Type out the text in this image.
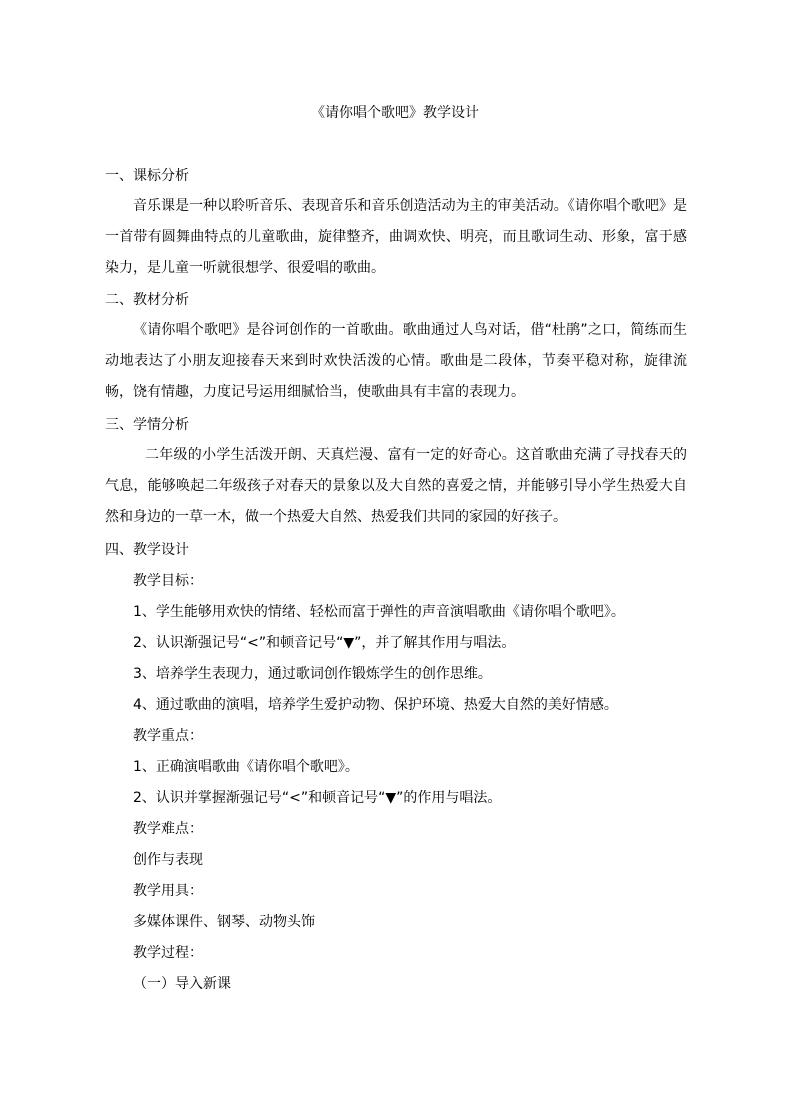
《请你唱个歌吧》教学设计
一、课标分析
音乐课是一种以聆听音乐、表现音乐和音乐创造活动为主的审美活动。《请你唱个歌吧》是一首带有圆舞曲特点的儿童歌曲，旋律整齐，曲调欢快、明亮，而且歌词生动、形象，富于感染力，是儿童一听就很想学、很爱唱的歌曲。
二、教材分析
《请你唱个歌吧》是谷诃创作的一首歌曲。歌曲通过人鸟对话，借“杜鹃”之口，简练而生动地表达了小朋友迎接春天来到时欢快活泼的心情。歌曲是二段体，节奏平稳对称，旋律流畅，饶有情趣，力度记号运用细腻恰当，使歌曲具有丰富的表现力。
三、学情分析
二年级的小学生活泼开朗、天真烂漫、富有一定的好奇心。这首歌曲充满了寻找春天的气息，能够唤起二年级孩子对春天的景象以及大自然的喜爱之情，并能够引导小学生热爱大自然和身边的一草一木，做一个热爱大自然、热爱我们共同的家园的好孩子。
四、教学设计
教学目标：
1、学生能够用欢快的情绪、轻松而富于弹性的声音演唱歌曲《请你唱个歌吧》。
2、认识渐强记号“<”和顿音记号“▼”，并了解其作用与唱法。
3、培养学生表现力，通过歌词创作锻炼学生的创作思维。
4、通过歌曲的演唱，培养学生爱护动物、保护环境、热爱大自然的美好情感。
教学重点：
1、正确演唱歌曲《请你唱个歌吧》。
2、认识并掌握渐强记号“<”和顿音记号“▼”的作用与唱法。
教学难点：
创作与表现
教学用具：
多媒体课件、钢琴、动物头饰
教学过程：
（一）导入新课
